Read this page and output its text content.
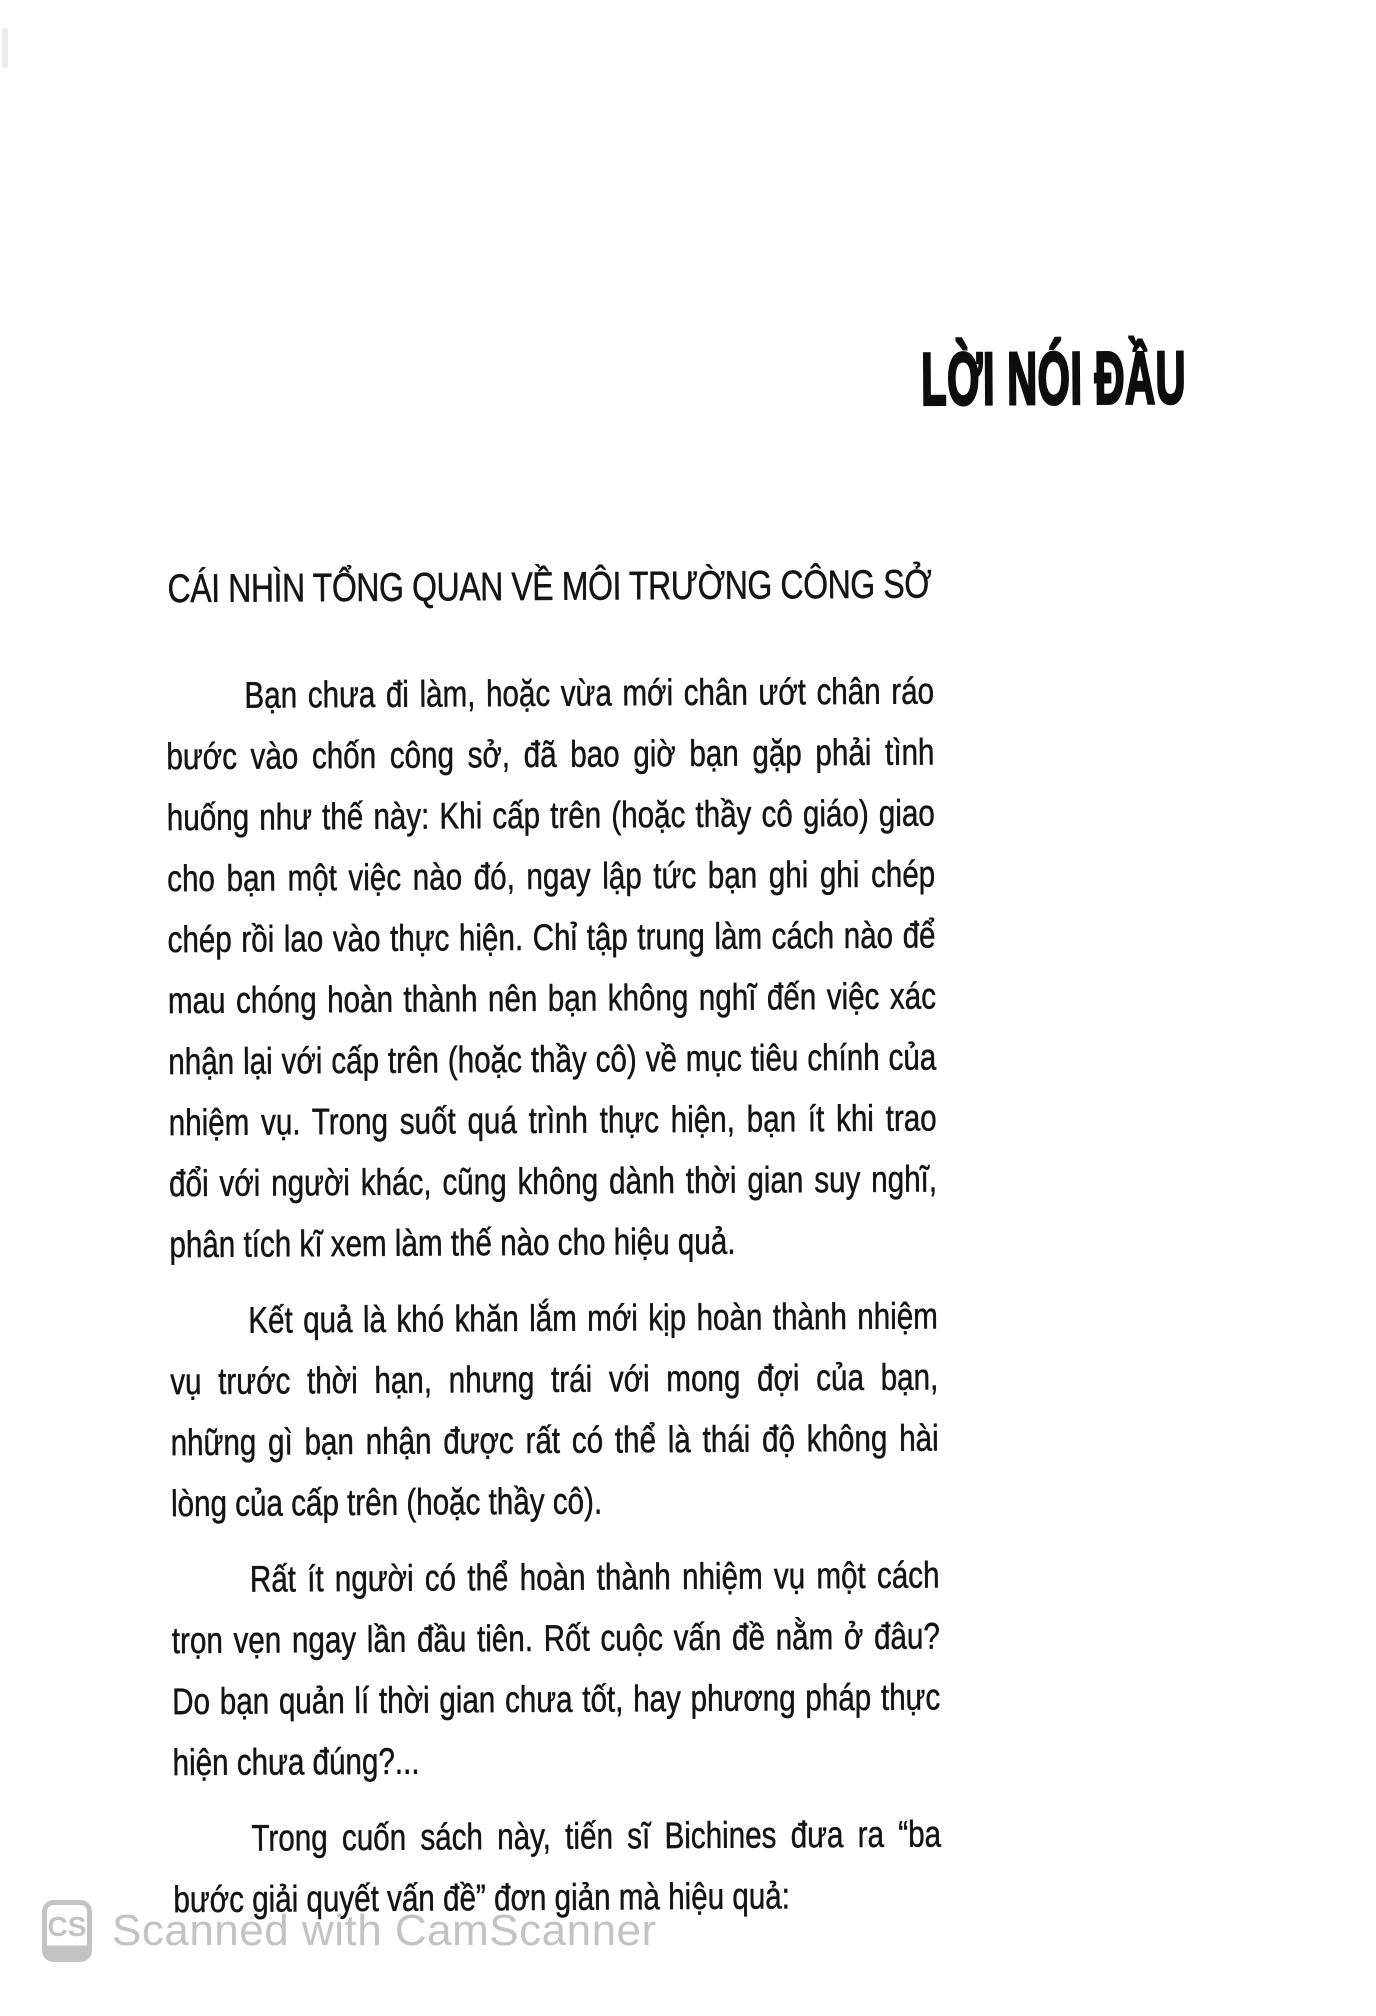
LỜI NÓI ĐẦU
CÁI NHÌN TỔNG QUAN VỀ MÔI TRƯỜNG CÔNG SỞ

Bạn chưa đi làm, hoặc vừa mới chân ướt chân ráo bước vào chốn công sở, đã bao giờ bạn gặp phải tình huống như thế này: Khi cấp trên (hoặc thầy cô giáo) giao cho bạn một việc nào đó, ngay lập tức bạn ghi ghi chép chép rồi lao vào thực hiện. Chỉ tập trung làm cách nào để mau chóng hoàn thành nên bạn không nghĩ đến việc xác nhận lại với cấp trên (hoặc thầy cô) về mục tiêu chính của nhiệm vụ. Trong suốt quá trình thực hiện, bạn ít khi trao đổi với người khác, cũng không dành thời gian suy nghĩ, phân tích kĩ xem làm thế nào cho hiệu quả.

Kết quả là khó khăn lắm mới kịp hoàn thành nhiệm vụ trước thời hạn, nhưng trái với mong đợi của bạn, những gì bạn nhận được rất có thể là thái độ không hài lòng của cấp trên (hoặc thầy cô).

Rất ít người có thể hoàn thành nhiệm vụ một cách trọn vẹn ngay lần đầu tiên. Rốt cuộc vấn đề nằm ở đâu? Do bạn quản lí thời gian chưa tốt, hay phương pháp thực hiện chưa đúng?...

Trong cuốn sách này, tiến sĩ Bichines đưa ra “ba bước giải quyết vấn đề” đơn giản mà hiệu quả:

CS Scanned with CamScanner
